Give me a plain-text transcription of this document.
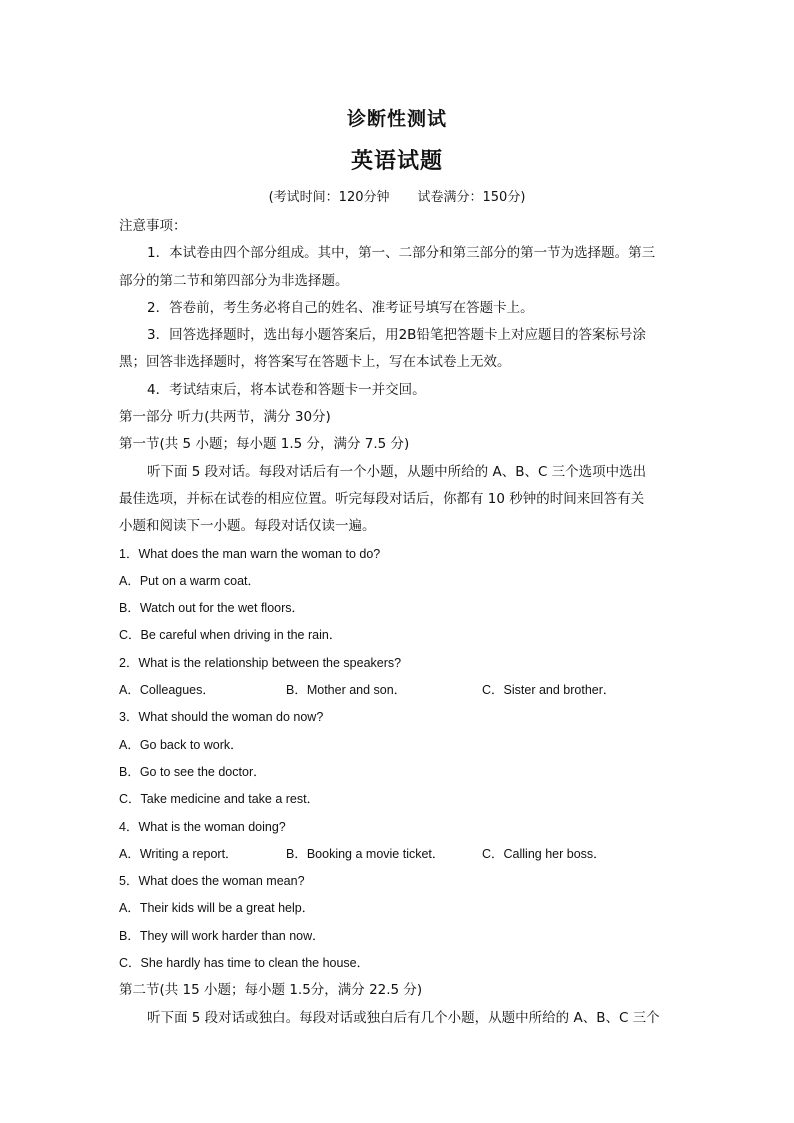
诊断性测试
英语试题
(考试时间：120分钟 试卷满分：150分)
注意事项：
1．本试卷由四个部分组成。其中，第一、二部分和第三部分的第一节为选择题。第三
部分的第二节和第四部分为非选择题。
2．答卷前，考生务必将自己的姓名、准考证号填写在答题卡上。
3．回答选择题时，选出每小题答案后，用2B铅笔把答题卡上对应题目的答案标号涂
黑；回答非选择题时，将答案写在答题卡上，写在本试卷上无效。
4．考试结束后，将本试卷和答题卡一并交回。
第一部分 听力(共两节，满分 30分)
第一节(共 5 小题；每小题 1.5 分，满分 7.5 分)
听下面 5 段对话。每段对话后有一个小题，从题中所给的 A、B、C 三个选项中选出
最佳选项，并标在试卷的相应位置。听完每段对话后，你都有 10 秒钟的时间来回答有关
小题和阅读下一小题。每段对话仅读一遍。
1．What does the man warn the woman to do?
A．Put on a warm coat．
B．Watch out for the wet floors．
C．Be careful when driving in the rain．
2．What is the relationship between the speakers?
A．Colleagues．	B．Mother and son．	C．Sister and brother．
3．What should the woman do now?
A．Go back to work．
B．Go to see the doctor．
C．Take medicine and take a rest．
4．What is the woman doing?
A．Writing a report．	B．Booking a movie ticket．	C．Calling her boss．
5．What does the woman mean?
A．Their kids will be a great help．
B．They will work harder than now．
C．She hardly has time to clean the house．
第二节(共 15 小题；每小题 1.5分，满分 22.5 分)
听下面 5 段对话或独白。每段对话或独白后有几个小题，从题中所给的 A、B、C 三个
